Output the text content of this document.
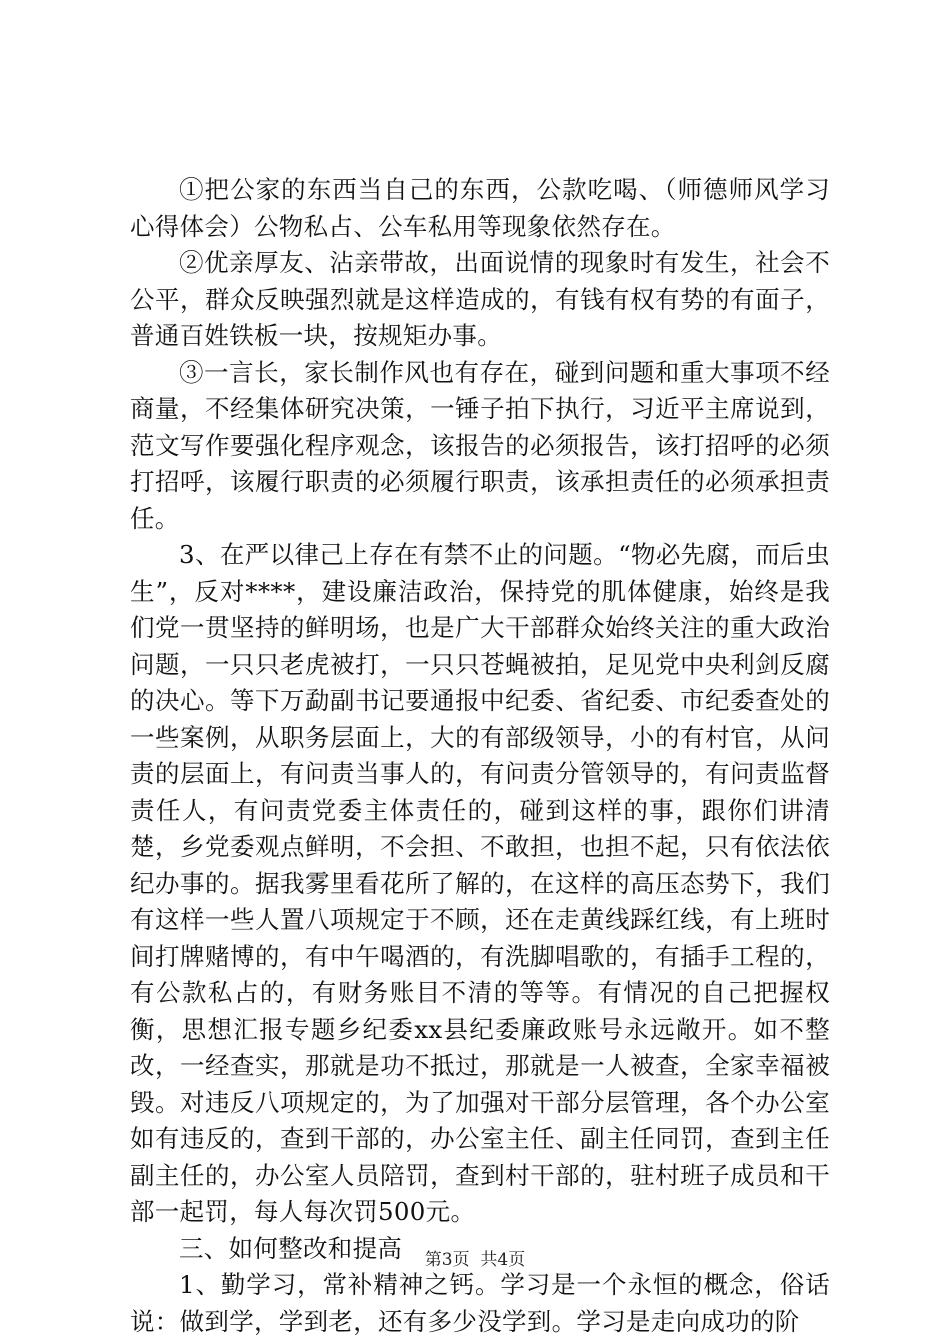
①把公家的东西当自己的东西，公款吃喝、（师德师风学习心得体会）公物私占、公车私用等现象依然存在。

②优亲厚友、沾亲带故，出面说情的现象时有发生，社会不公平，群众反映强烈就是这样造成的，有钱有权有势的有面子，普通百姓铁板一块，按规矩办事。

③一言长，家长制作风也有存在，碰到问题和重大事项不经商量，不经集体研究决策，一锤子拍下执行，习近平主席说到，范文写作要强化程序观念，该报告的必须报告，该打招呼的必须打招呼，该履行职责的必须履行职责，该承担责任的必须承担责任。

3、在严以律己上存在有禁不止的问题。“物必先腐，而后虫生”，反对****，建设廉洁政治，保持党的肌体健康，始终是我们党一贯坚持的鲜明场，也是广大干部群众始终关注的重大政治问题，一只只老虎被打，一只只苍蝇被拍，足见党中央利剑反腐的决心。等下万勐副书记要通报中纪委、省纪委、市纪委查处的一些案例，从职务层面上，大的有部级领导，小的有村官，从问责的层面上，有问责当事人的，有问责分管领导的，有问责监督责任人，有问责党委主体责任的，碰到这样的事，跟你们讲清楚，乡党委观点鲜明，不会担、不敢担，也担不起，只有依法依纪办事的。据我雾里看花所了解的，在这样的高压态势下，我们有这样一些人置八项规定于不顾，还在走黄线踩红线，有上班时间打牌赌博的，有中午喝酒的，有洗脚唱歌的，有插手工程的，有公款私占的，有财务账目不清的等等。有情况的自己把握权衡，思想汇报专题乡纪委xx县纪委廉政账号永远敞开。如不整改，一经查实，那就是功不抵过，那就是一人被查，全家幸福被毁。对违反八项规定的，为了加强对干部分层管理，各个办公室如有违反的，查到干部的，办公室主任、副主任同罚，查到主任副主任的，办公室人员陪罚，查到村干部的，驻村班子成员和干部一起罚，每人每次罚500元。

三、如何整改和提高

1、勤学习，常补精神之钙。学习是一个永恒的概念，俗话说：做到学，学到老，还有多少没学到。学习是走向成功的阶

第3页 共4页
